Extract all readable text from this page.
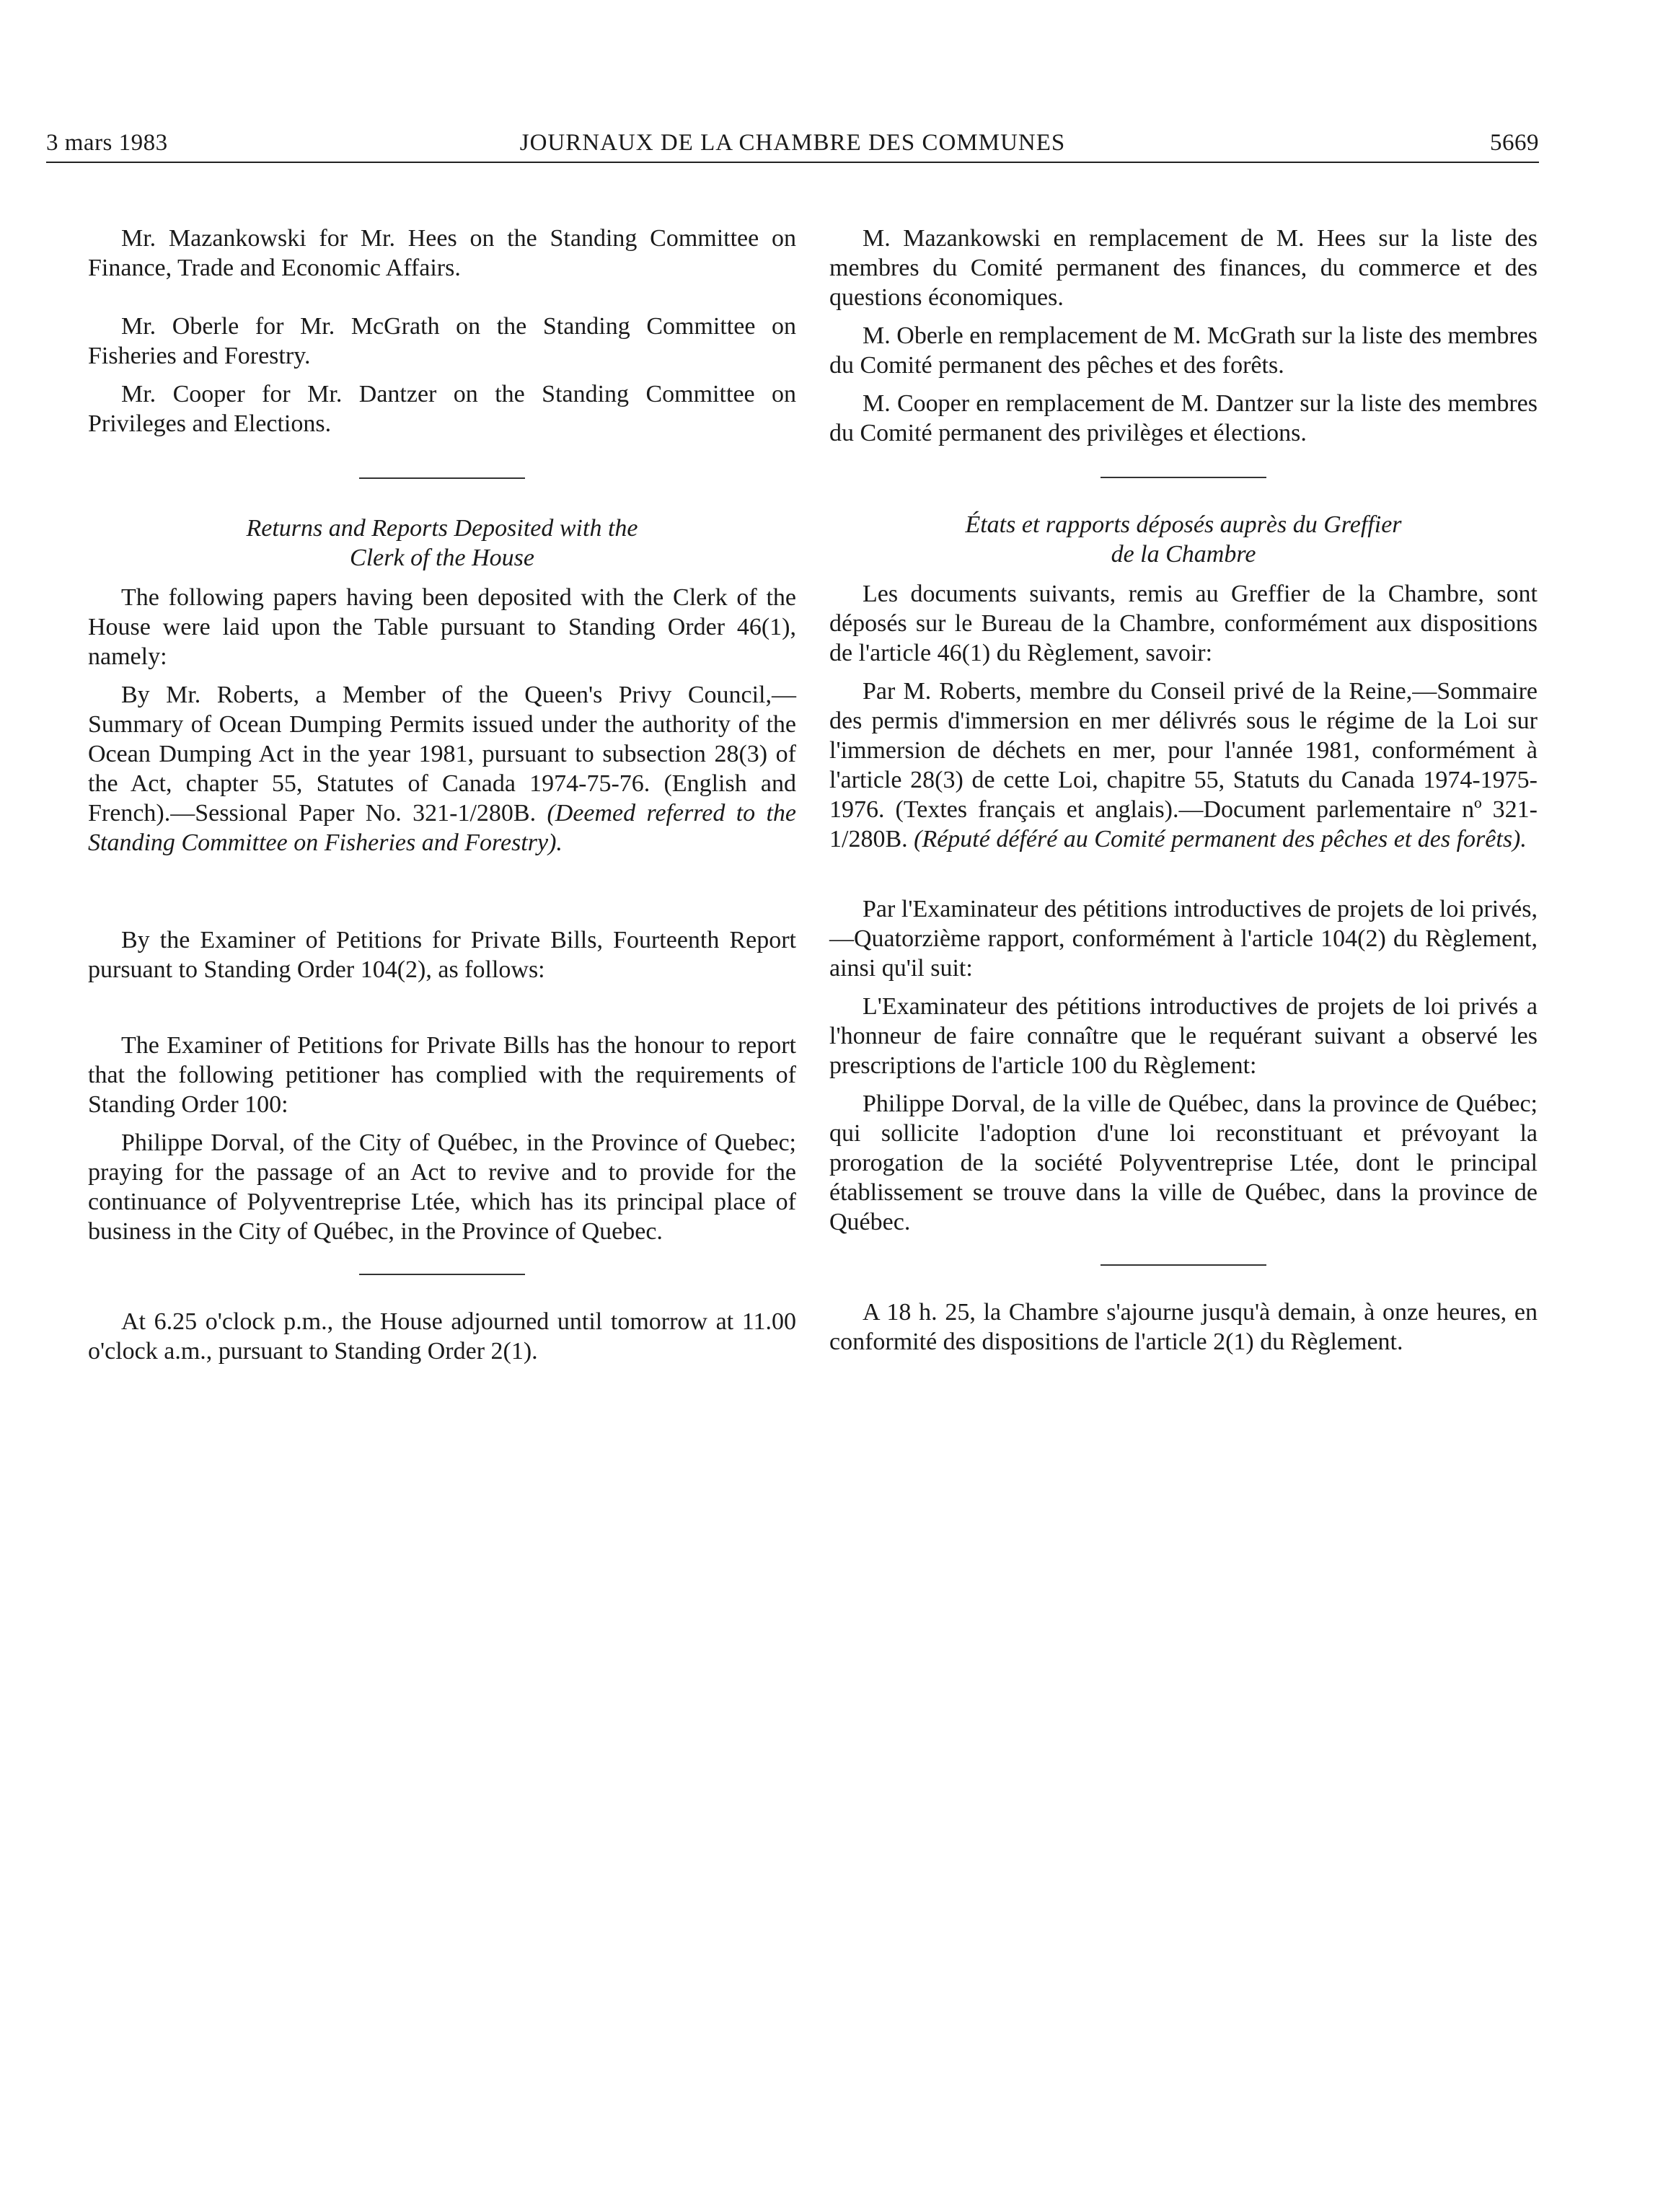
3 mars 1983	JOURNAUX DE LA CHAMBRE DES COMMUNES	5669

Mr. Mazankowski for Mr. Hees on the Standing Committee on Finance, Trade and Economic Affairs.

Mr. Oberle for Mr. McGrath on the Standing Committee on Fisheries and Forestry.

Mr. Cooper for Mr. Dantzer on the Standing Committee on Privileges and Elections.

Returns and Reports Deposited with the
Clerk of the House

The following papers having been deposited with the Clerk of the House were laid upon the Table pursuant to Standing Order 46(1), namely:

By Mr. Roberts, a Member of the Queen's Privy Council,—Summary of Ocean Dumping Permits issued under the authority of the Ocean Dumping Act in the year 1981, pursuant to subsection 28(3) of the Act, chapter 55, Statutes of Canada 1974-75-76. (English and French).—Sessional Paper No. 321-1/280B. (Deemed referred to the Standing Committee on Fisheries and Forestry).

By the Examiner of Petitions for Private Bills, Fourteenth Report pursuant to Standing Order 104(2), as follows:

The Examiner of Petitions for Private Bills has the honour to report that the following petitioner has complied with the requirements of Standing Order 100:

Philippe Dorval, of the City of Québec, in the Province of Quebec; praying for the passage of an Act to revive and to provide for the continuance of Polyventreprise Ltée, which has its principal place of business in the City of Québec, in the Province of Quebec.

At 6.25 o'clock p.m., the House adjourned until tomorrow at 11.00 o'clock a.m., pursuant to Standing Order 2(1).

M. Mazankowski en remplacement de M. Hees sur la liste des membres du Comité permanent des finances, du commerce et des questions économiques.

M. Oberle en remplacement de M. McGrath sur la liste des membres du Comité permanent des pêches et des forêts.

M. Cooper en remplacement de M. Dantzer sur la liste des membres du Comité permanent des privilèges et élections.

États et rapports déposés auprès du Greffier
de la Chambre

Les documents suivants, remis au Greffier de la Chambre, sont déposés sur le Bureau de la Chambre, conformément aux dispositions de l'article 46(1) du Règlement, savoir:

Par M. Roberts, membre du Conseil privé de la Reine,—Sommaire des permis d'immersion en mer délivrés sous le régime de la Loi sur l'immersion de déchets en mer, pour l'année 1981, conformément à l'article 28(3) de cette Loi, chapitre 55, Statuts du Canada 1974-1975-1976. (Textes français et anglais).—Document parlementaire nº 321-1/280B. (Réputé déféré au Comité permanent des pêches et des forêts).

Par l'Examinateur des pétitions introductives de projets de loi privés,—Quatorzième rapport, conformément à l'article 104(2) du Règlement, ainsi qu'il suit:

L'Examinateur des pétitions introductives de projets de loi privés a l'honneur de faire connaître que le requérant suivant a observé les prescriptions de l'article 100 du Règlement:

Philippe Dorval, de la ville de Québec, dans la province de Québec; qui sollicite l'adoption d'une loi reconstituant et prévoyant la prorogation de la société Polyventreprise Ltée, dont le principal établissement se trouve dans la ville de Québec, dans la province de Québec.

A 18 h. 25, la Chambre s'ajourne jusqu'à demain, à onze heures, en conformité des dispositions de l'article 2(1) du Règlement.
